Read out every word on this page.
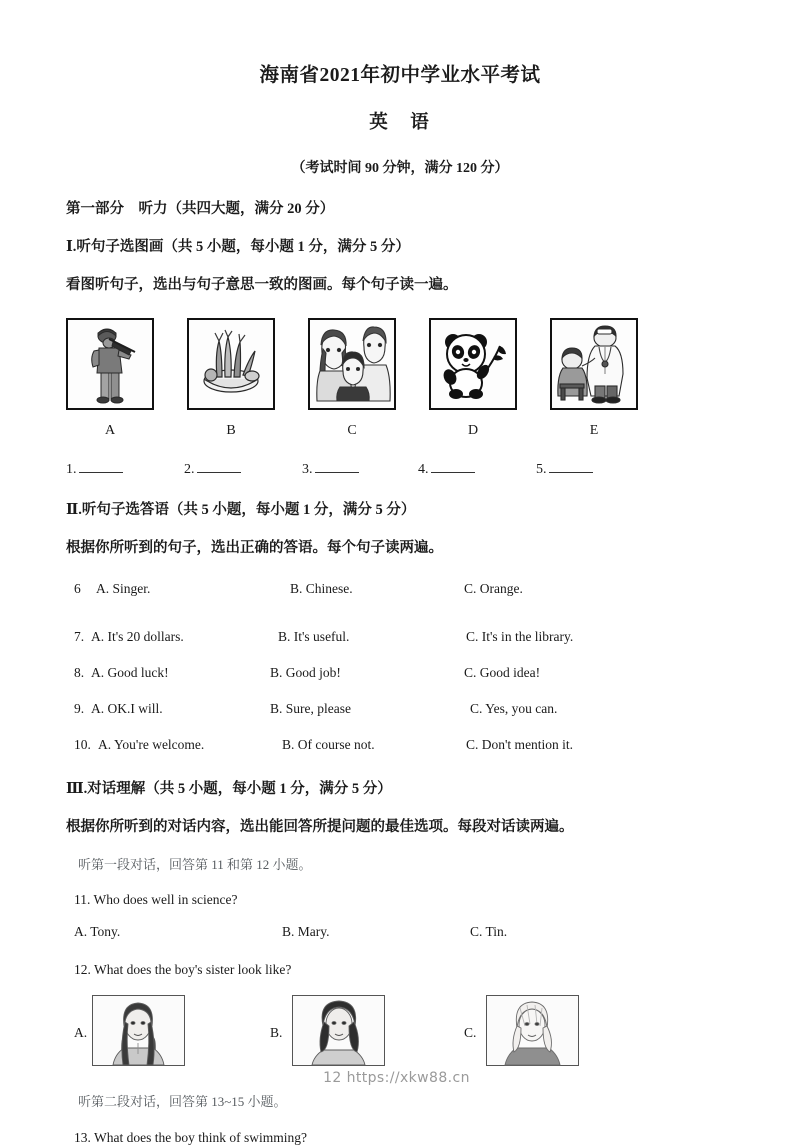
海南省2021年初中学业水平考试
英　语
（考试时间 90 分钟，满分 120 分）
第一部分　听力（共四大题，满分 20 分）
Ⅰ.听句子选图画（共 5 小题，每小题 1 分，满分 5 分）
看图听句子，选出与句子意思一致的图画。每个句子读一遍。
A	B	C	D	E
1.	2.	3.	4.	5.
Ⅱ.听句子选答语（共 5 小题，每小题 1 分，满分 5 分）
根据你所听到的句子，选出正确的答语。每个句子读两遍。
6 A. Singer.	B. Chinese.	C. Orange.
7. A. It's 20 dollars.	B. It's useful.	C. It's in the library.
8. A. Good luck!	B. Good job!	C. Good idea!
9. A. OK.I will.	B. Sure, please	C. Yes, you can.
10. A. You're welcome.	B. Of course not.	C. Don't mention it.
Ⅲ.对话理解（共 5 小题，每小题 1 分，满分 5 分）
根据你所听到的对话内容，选出能回答所提问题的最佳选项。每段对话读两遍。
听第一段对话，回答第 11 和第 12 小题。
11. Who does well in science?
A. Tony.	B. Mary.	C. Tin.
12. What does the boy's sister look like?
A.	B.	C.
听第二段对话，回答第 13~15 小题。
13. What does the boy think of swimming?
12 https://xkw88.cn
